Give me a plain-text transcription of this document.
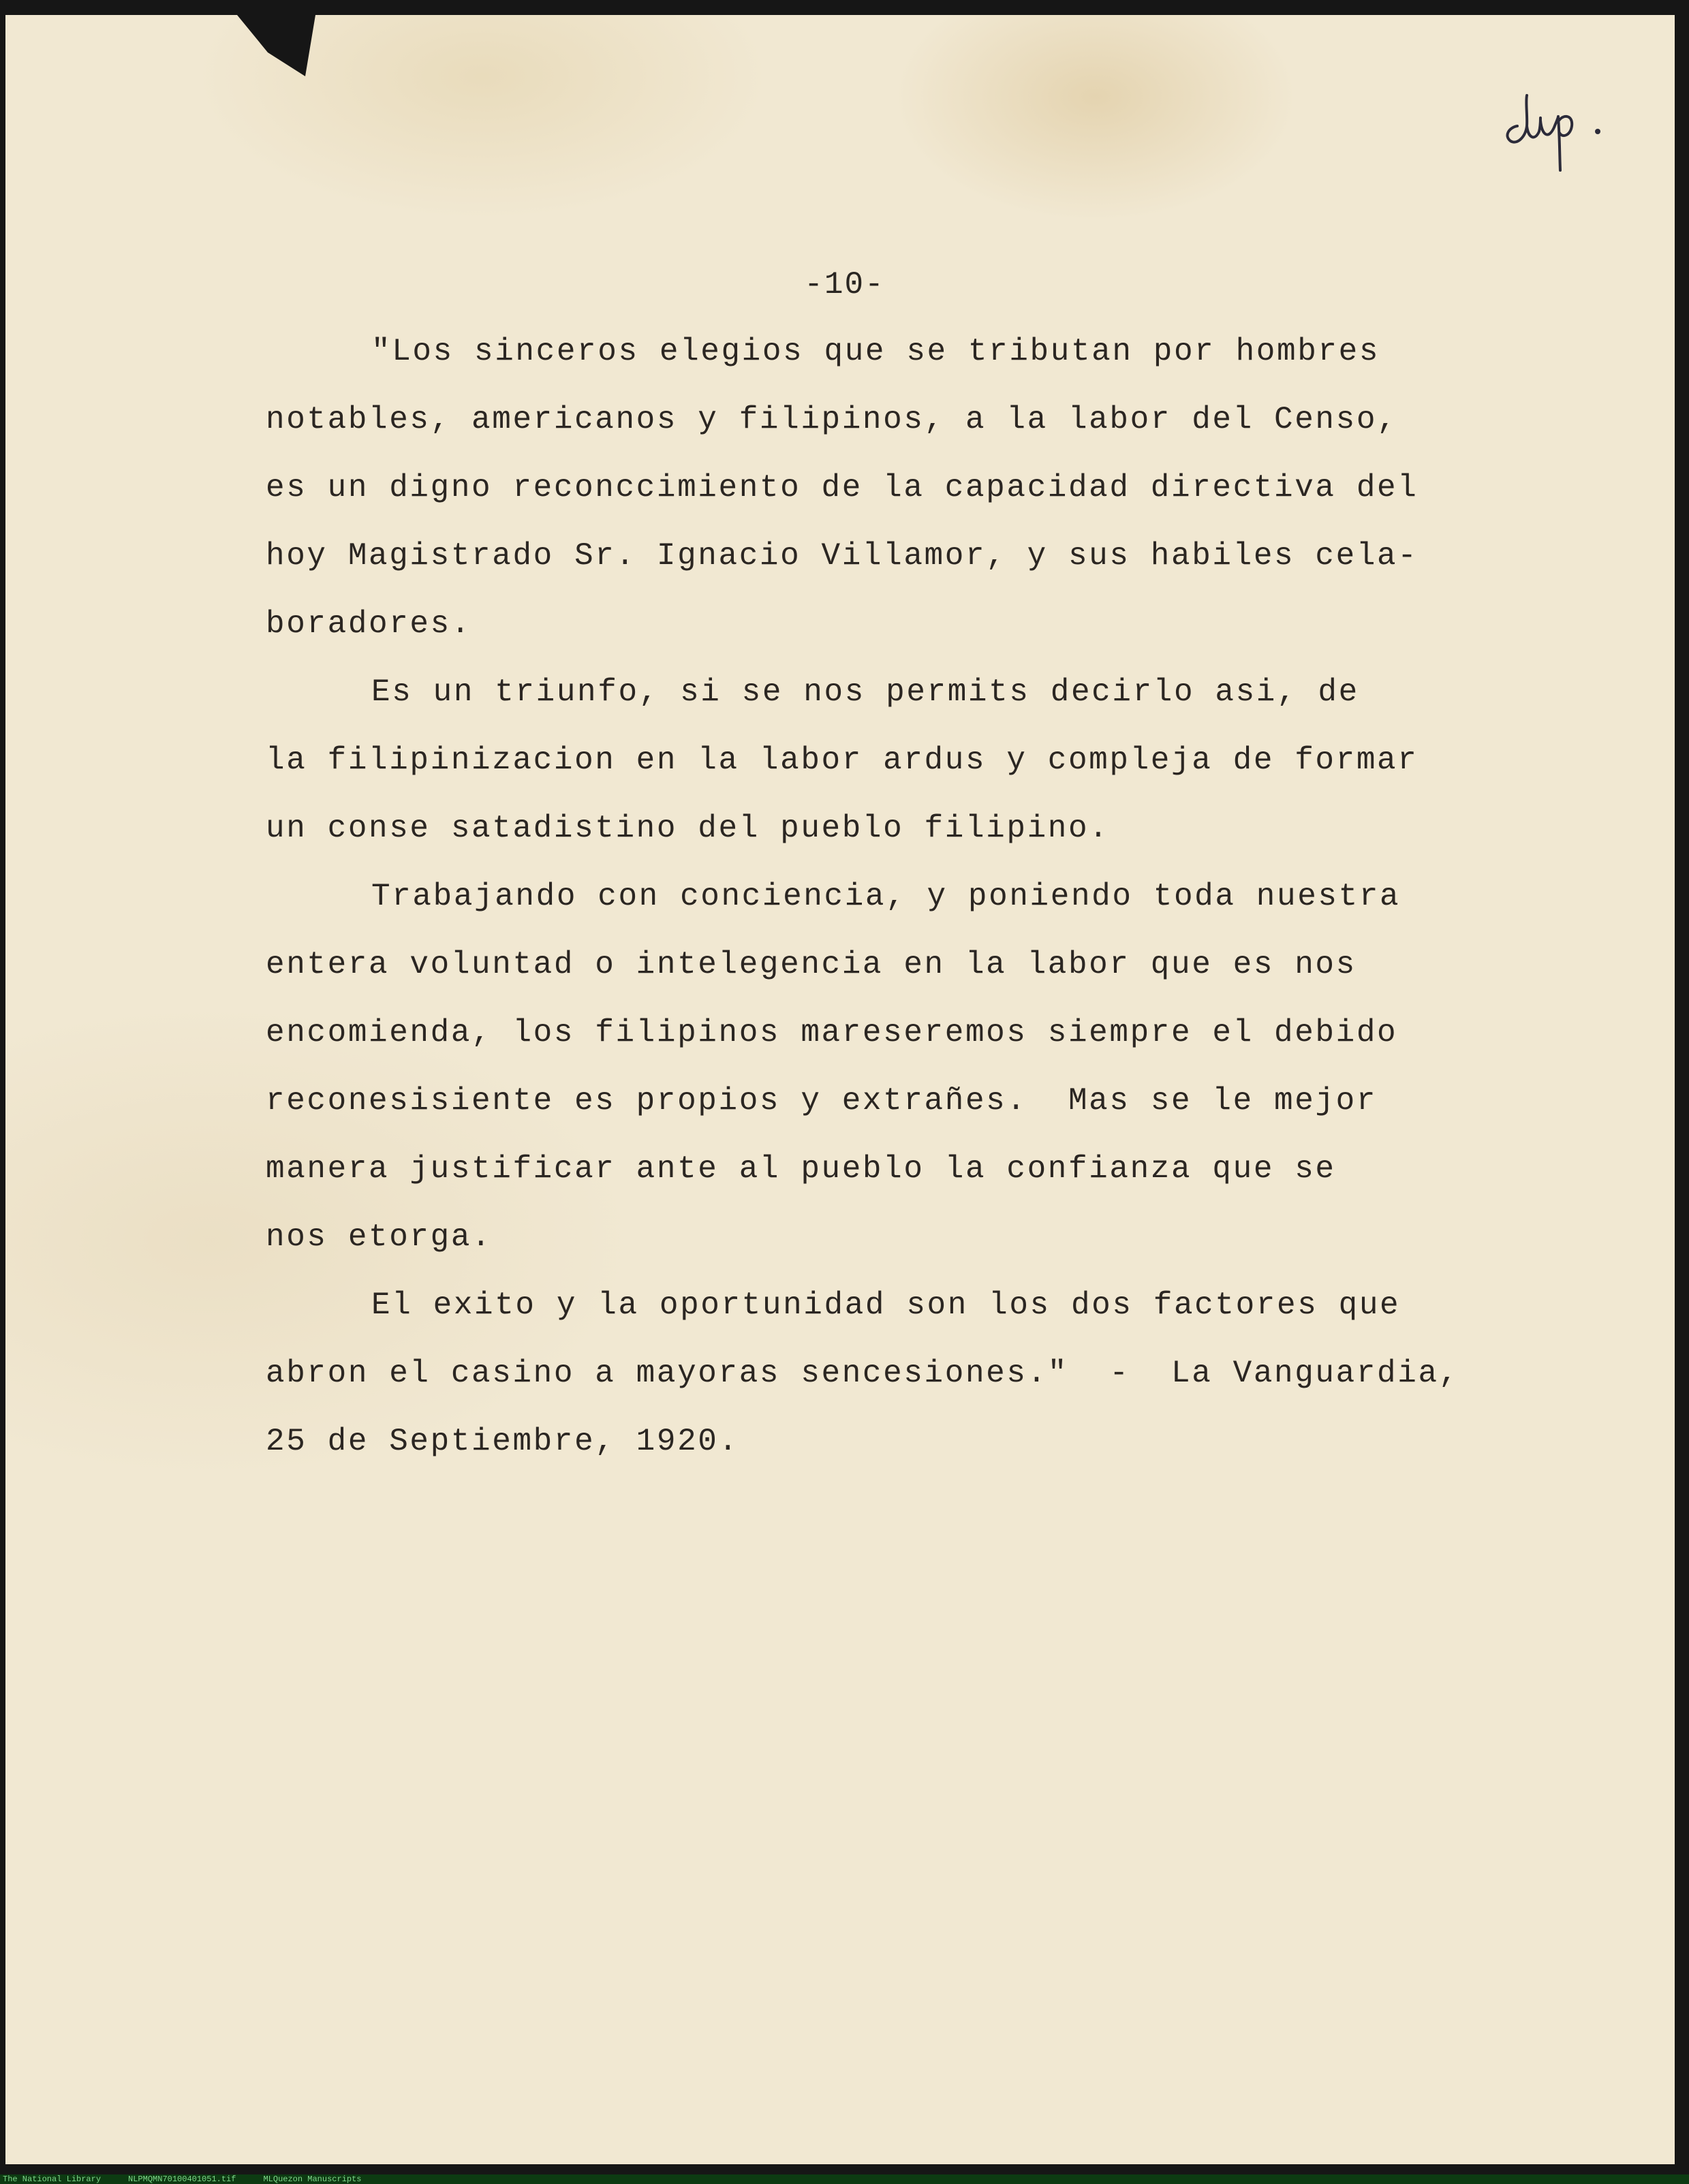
-10-
"Los sinceros elegios que se tributan por hombres
notables, americanos y filipinos, a la labor del Censo,
es un digno reconccimiento de la capacidad directiva del
hoy Magistrado Sr. Ignacio Villamor, y sus habiles cela-
boradores.
Es un triunfo, si se nos permits decirlo asi, de
la filipinizacion en la labor ardus y compleja de formar
un conse satadistino del pueblo filipino.
Trabajando con conciencia, y poniendo toda nuestra
entera voluntad o intelegencia en la labor que es nos
encomienda, los filipinos mareseremos siempre el debido
reconesisiente es propios y extrañes.  Mas se le mejor
manera justificar ante al pueblo la confianza que se
nos etorga.
El exito y la oportunidad son los dos factores que
abron el casino a mayoras sencesiones."  -  La Vanguardia,
25 de Septiembre, 1920.
The National Library	NLPMQMN70100401051.tif	MLQuezon Manuscripts
